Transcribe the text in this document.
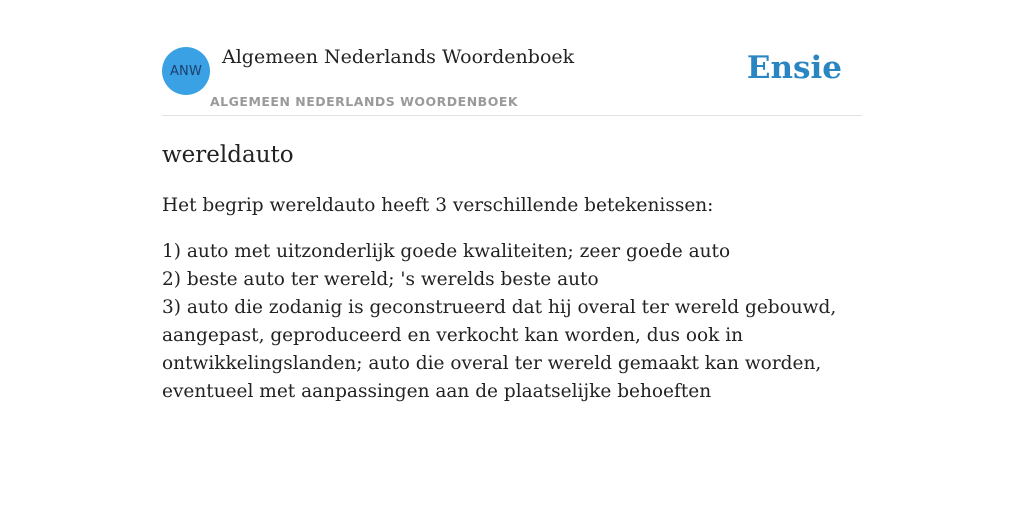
ANW
Algemeen Nederlands Woordenboek
ALGEMEEN NEDERLANDS WOORDENBOEK
Ensie
wereldauto

Het begrip wereldauto heeft 3 verschillende betekenissen:

1) auto met uitzonderlijk goede kwaliteiten; zeer goede auto
2) beste auto ter wereld; 's werelds beste auto
3) auto die zodanig is geconstrueerd dat hij overal ter wereld gebouwd, aangepast, geproduceerd en verkocht kan worden, dus ook in ontwikkelingslanden; auto die overal ter wereld gemaakt kan worden, eventueel met aanpassingen aan de plaatselijke behoeften
